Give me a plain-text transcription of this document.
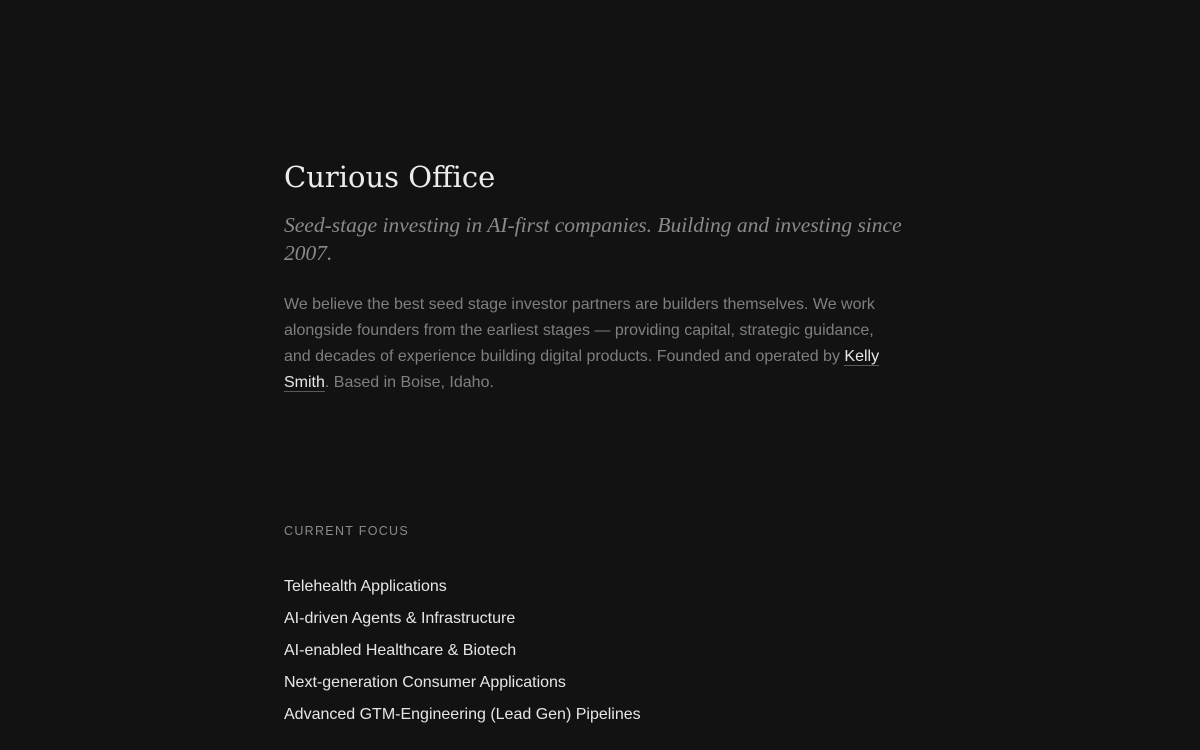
Curious Office

Seed-stage investing in AI-first companies. Building and investing since 2007.

We believe the best seed stage investor partners are builders themselves. We work alongside founders from the earliest stages — providing capital, strategic guidance, and decades of experience building digital products. Founded and operated by Kelly Smith. Based in Boise, Idaho.

CURRENT FOCUS
Telehealth Applications
AI-driven Agents & Infrastructure
AI-enabled Healthcare & Biotech
Next-generation Consumer Applications
Advanced GTM-Engineering (Lead Gen) Pipelines
